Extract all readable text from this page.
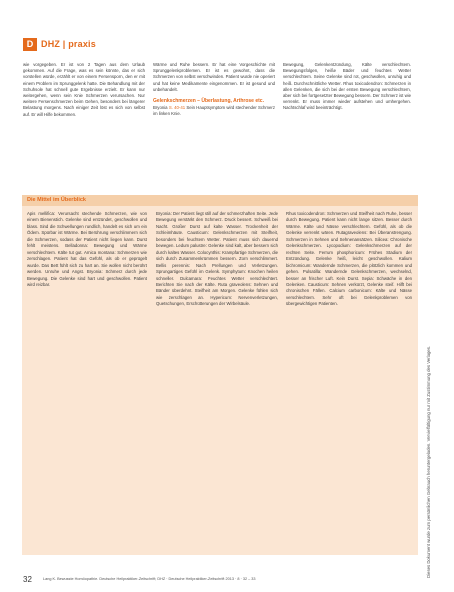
D DHZ | praxis

wie vorgegeben. Er ist von 2 Tagen aus dem Urlaub gekommen. Auf die Frage, was es sein könnte, das er sich vorstellen würde, erzählt er von einem Fersensporn, den er mit einem Problem im Sprunggelenk hatte. Die Behandlung mit der Schuhsole hat schnell gute Ergebnisse erzielt. Er kann nur weitergehen, wenn sein Knie Schmerzen verursachen. Nur weitere Fersenschmerzen beim Gehen, besonders bei längerer Belastung morgens. Nach einiger Zeit löst es sich von selbst auf. Er will Hilfe bekommen.

Wärme und Ruhe bessern. Er hat eine Vorgeschichte mit Sprunggelenkproblemen. Er ist es gewohnt, dass die Schmerzen von selbst verschwinden. Patient wurde nie operiert und hat keine Medikamente eingenommen. Er ist gesund und unbehandelt.

Gelenkschmerzen – Überlastung, Arthrose etc.

Bryonia S. 40-41 Sein Hauptsymptom wird stechender Schmerz im linken Knie.

Bewegung, Gelenkentzündung, Kälte verschlechtern. Bewegungsfolgen, heiße Bäder und feuchtes Wetter verschlechtern. Seine Gelenke sind rot, geschwollen, unruhig und heiß. Durchschnittliche Wetter. Rhus toxicodendron: Schmerzen in allen Gelenken, die sich bei der ersten Bewegung verschlechtern, aber sich bei fortgesetzter Bewegung bessern. Der Schmerz ist wie verrenkt. Er muss immer wieder aufstehen und umhergehen. Nachtschlaf wird beeinträchtigt.

Die Mittel im Überblick

Apis mellifica: Verursacht stechende Schmerzen, wie von einem Bienenstich. Gelenke sind entzündet, geschwollen und blass. Sind die Schwellungen rundlich, handelt es sich um ein Ödem. Spürbar ist Wärme. Bei Berührung verschlimmern sich die Schmerzen, sodass der Patient nicht liegen kann. Durst fehlt meistens. Belladonna: Bewegung und Wärme verschlechtern. Kälte tut gut. Arnica montana: Schmerzen wie zerschlagen. Patient hat das Gefühl, als ob er geprügelt wurde. Das Bett fühlt sich zu hart an. Sie wollen nicht berührt werden. Unruhe und Angst. Bryonia: Schmerz durch jede Bewegung. Die Gelenke sind hart und geschwollen. Patient wird reizbar.

Bryonia: Der Patient liegt still auf der schmerzhaften Seite. Jede Bewegung verstärkt den Schmerz. Druck bessert. Schweiß bei Nacht. Großer Durst auf kalte Wasser. Trockenheit der Schleimhäute. Causticum: Gelenkschmerzen mit Steifheit, besonders bei feuchtem Wetter. Patient muss sich dauernd bewegen. Ledum palustre: Gelenke sind kalt, aber bessern sich durch kaltes Wasser. Colocynthis: Krampfartige Schmerzen, die sich durch Zusammenkrümmen bessern. Zorn verschlimmert. Bellis perennis: Nach Prellungen und Verletzungen. Sprungartiges Gefühl im Gelenk. Symphytum: Knochen heilen schneller. Dulcamara: Feuchtes Wetter verschlechtert. Berichten Sie nach der Kälte. Ruta graveolens: Sehnen und Bänder überdehnt. Steifheit am Morgen. Gelenke fühlen sich wie zerschlagen an. Hypericum: Nervenverletzungen, Quetschungen, Erschütterungen der Wirbelsäule.

Rhus toxicodendron: Schmerzen und Steifheit nach Ruhe, besser durch Bewegung. Patient kann nicht lange sitzen. Besser durch Wärme. Kälte und Nässe verschlechtern. Gefühl, als ob die Gelenke verrenkt wären. Rutagraveolens: Bei Überanstrengung. Schmerzen in Sehnen und Sehnenansätzen. Silicea: Chronische Gelenkschmerzen. Lycopodium: Gelenkschmerzen auf der rechten Seite. Ferrum phosphoricum: Frühes Stadium der Entzündung. Gelenke heiß, leicht geschwollen. Kalium bichromicum: Wandernde Schmerzen, die plötzlich kommen und gehen. Pulsatilla: Wandernde Gelenkschmerzen, wechselnd, besser an frischer Luft. Kein Durst. Sepia: Schwäche in den Gelenken. Causticum: Sehnen verkürzt, Gelenke steif. Hilft bei chronischen Fällen. Calcium carbonicum: Kälte und Nässe verschlechtern. Sehr oft bei Gelenkproblemen von übergewichtigen Patienten.

32	Lang K. Bewusste Homöopathie. Deutsche Heilpraktiker-Zeitschrift; DHZ · Deutsche Heilpraktiker-Zeitschrift 2013 · 8 · 32 – 33
Dieses Dokument wurde zum persönlichen Gebrauch heruntergeladen. Vervielfältigung nur mit Zustimmung des Verlages.
